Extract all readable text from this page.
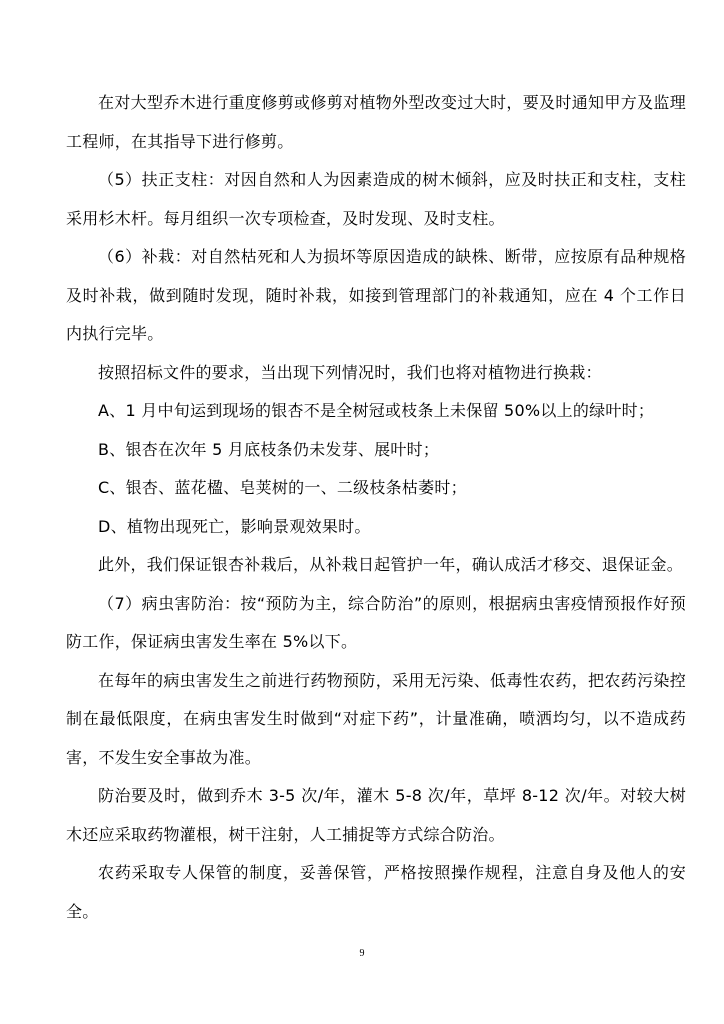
在对大型乔木进行重度修剪或修剪对植物外型改变过大时，要及时通知甲方及监理工程师，在其指导下进行修剪。

（5）扶正支柱：对因自然和人为因素造成的树木倾斜，应及时扶正和支柱，支柱采用杉木杆。每月组织一次专项检查，及时发现、及时支柱。

（6）补栽：对自然枯死和人为损坏等原因造成的缺株、断带，应按原有品种规格及时补栽，做到随时发现，随时补栽，如接到管理部门的补栽通知，应在 4 个工作日内执行完毕。

按照招标文件的要求，当出现下列情况时，我们也将对植物进行换栽：

A、1 月中旬运到现场的银杏不是全树冠或枝条上未保留 50%以上的绿叶时；

B、银杏在次年 5 月底枝条仍未发芽、展叶时；

C、银杏、蓝花楹、皂荚树的一、二级枝条枯萎时；

D、植物出现死亡，影响景观效果时。

此外，我们保证银杏补栽后，从补栽日起管护一年，确认成活才移交、退保证金。

（7）病虫害防治：按“预防为主，综合防治”的原则，根据病虫害疫情预报作好预防工作，保证病虫害发生率在 5%以下。

在每年的病虫害发生之前进行药物预防，采用无污染、低毒性农药，把农药污染控制在最低限度，在病虫害发生时做到“对症下药”，计量准确，喷洒均匀，以不造成药害，不发生安全事故为准。

防治要及时，做到乔木 3-5 次/年，灌木 5-8 次/年，草坪 8-12 次/年。对较大树木还应采取药物灌根，树干注射，人工捕捉等方式综合防治。

农药采取专人保管的制度，妥善保管，严格按照操作规程，注意自身及他人的安全。

9
